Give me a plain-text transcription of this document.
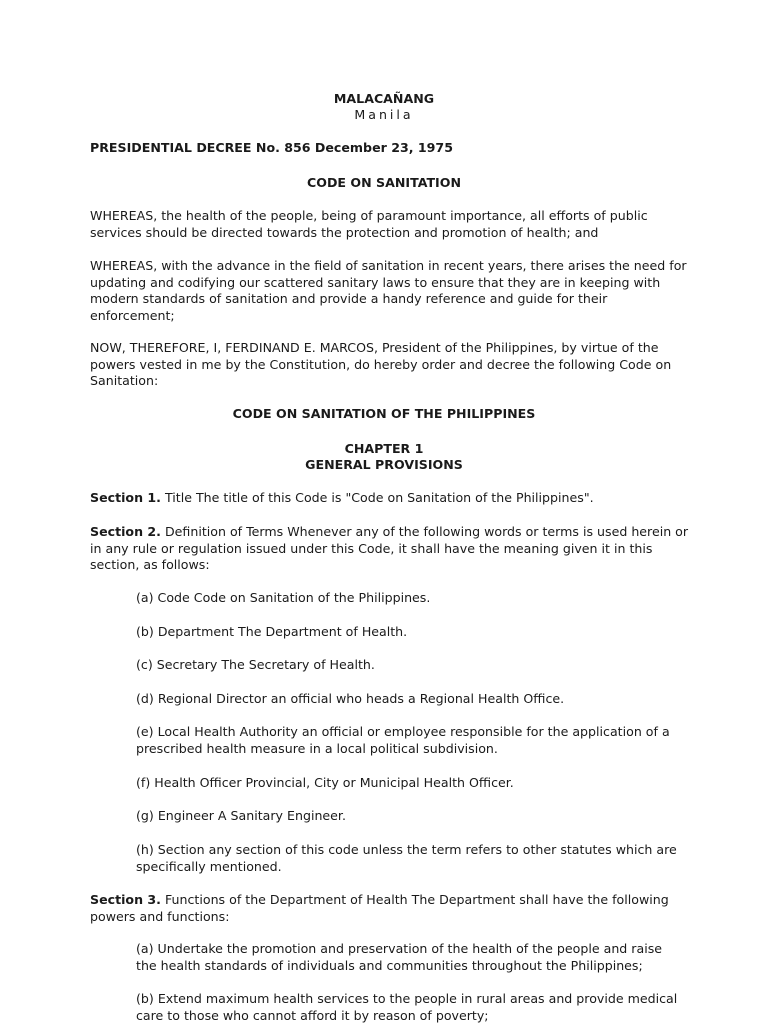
MALACAÑANG
Manila

PRESIDENTIAL DECREE No. 856 December 23, 1975

CODE ON SANITATION

WHEREAS, the health of the people, being of paramount importance, all efforts of public services should be directed towards the protection and promotion of health; and

WHEREAS, with the advance in the field of sanitation in recent years, there arises the need for updating and codifying our scattered sanitary laws to ensure that they are in keeping with modern standards of sanitation and provide a handy reference and guide for their enforcement;

NOW, THEREFORE, I, FERDINAND E. MARCOS, President of the Philippines, by virtue of the powers vested in me by the Constitution, do hereby order and decree the following Code on Sanitation:

CODE ON SANITATION OF THE PHILIPPINES
CHAPTER 1
GENERAL PROVISIONS

Section 1. Title The title of this Code is "Code on Sanitation of the Philippines".

Section 2. Definition of Terms Whenever any of the following words or terms is used herein or in any rule or regulation issued under this Code, it shall have the meaning given it in this section, as follows:

(a) Code Code on Sanitation of the Philippines.

(b) Department The Department of Health.

(c) Secretary The Secretary of Health.

(d) Regional Director an official who heads a Regional Health Office.

(e) Local Health Authority an official or employee responsible for the application of a prescribed health measure in a local political subdivision.

(f) Health Officer Provincial, City or Municipal Health Officer.

(g) Engineer A Sanitary Engineer.

(h) Section any section of this code unless the term refers to other statutes which are specifically mentioned.

Section 3. Functions of the Department of Health The Department shall have the following powers and functions:

(a) Undertake the promotion and preservation of the health of the people and raise the health standards of individuals and communities throughout the Philippines;

(b) Extend maximum health services to the people in rural areas and provide medical care to those who cannot afford it by reason of poverty;
